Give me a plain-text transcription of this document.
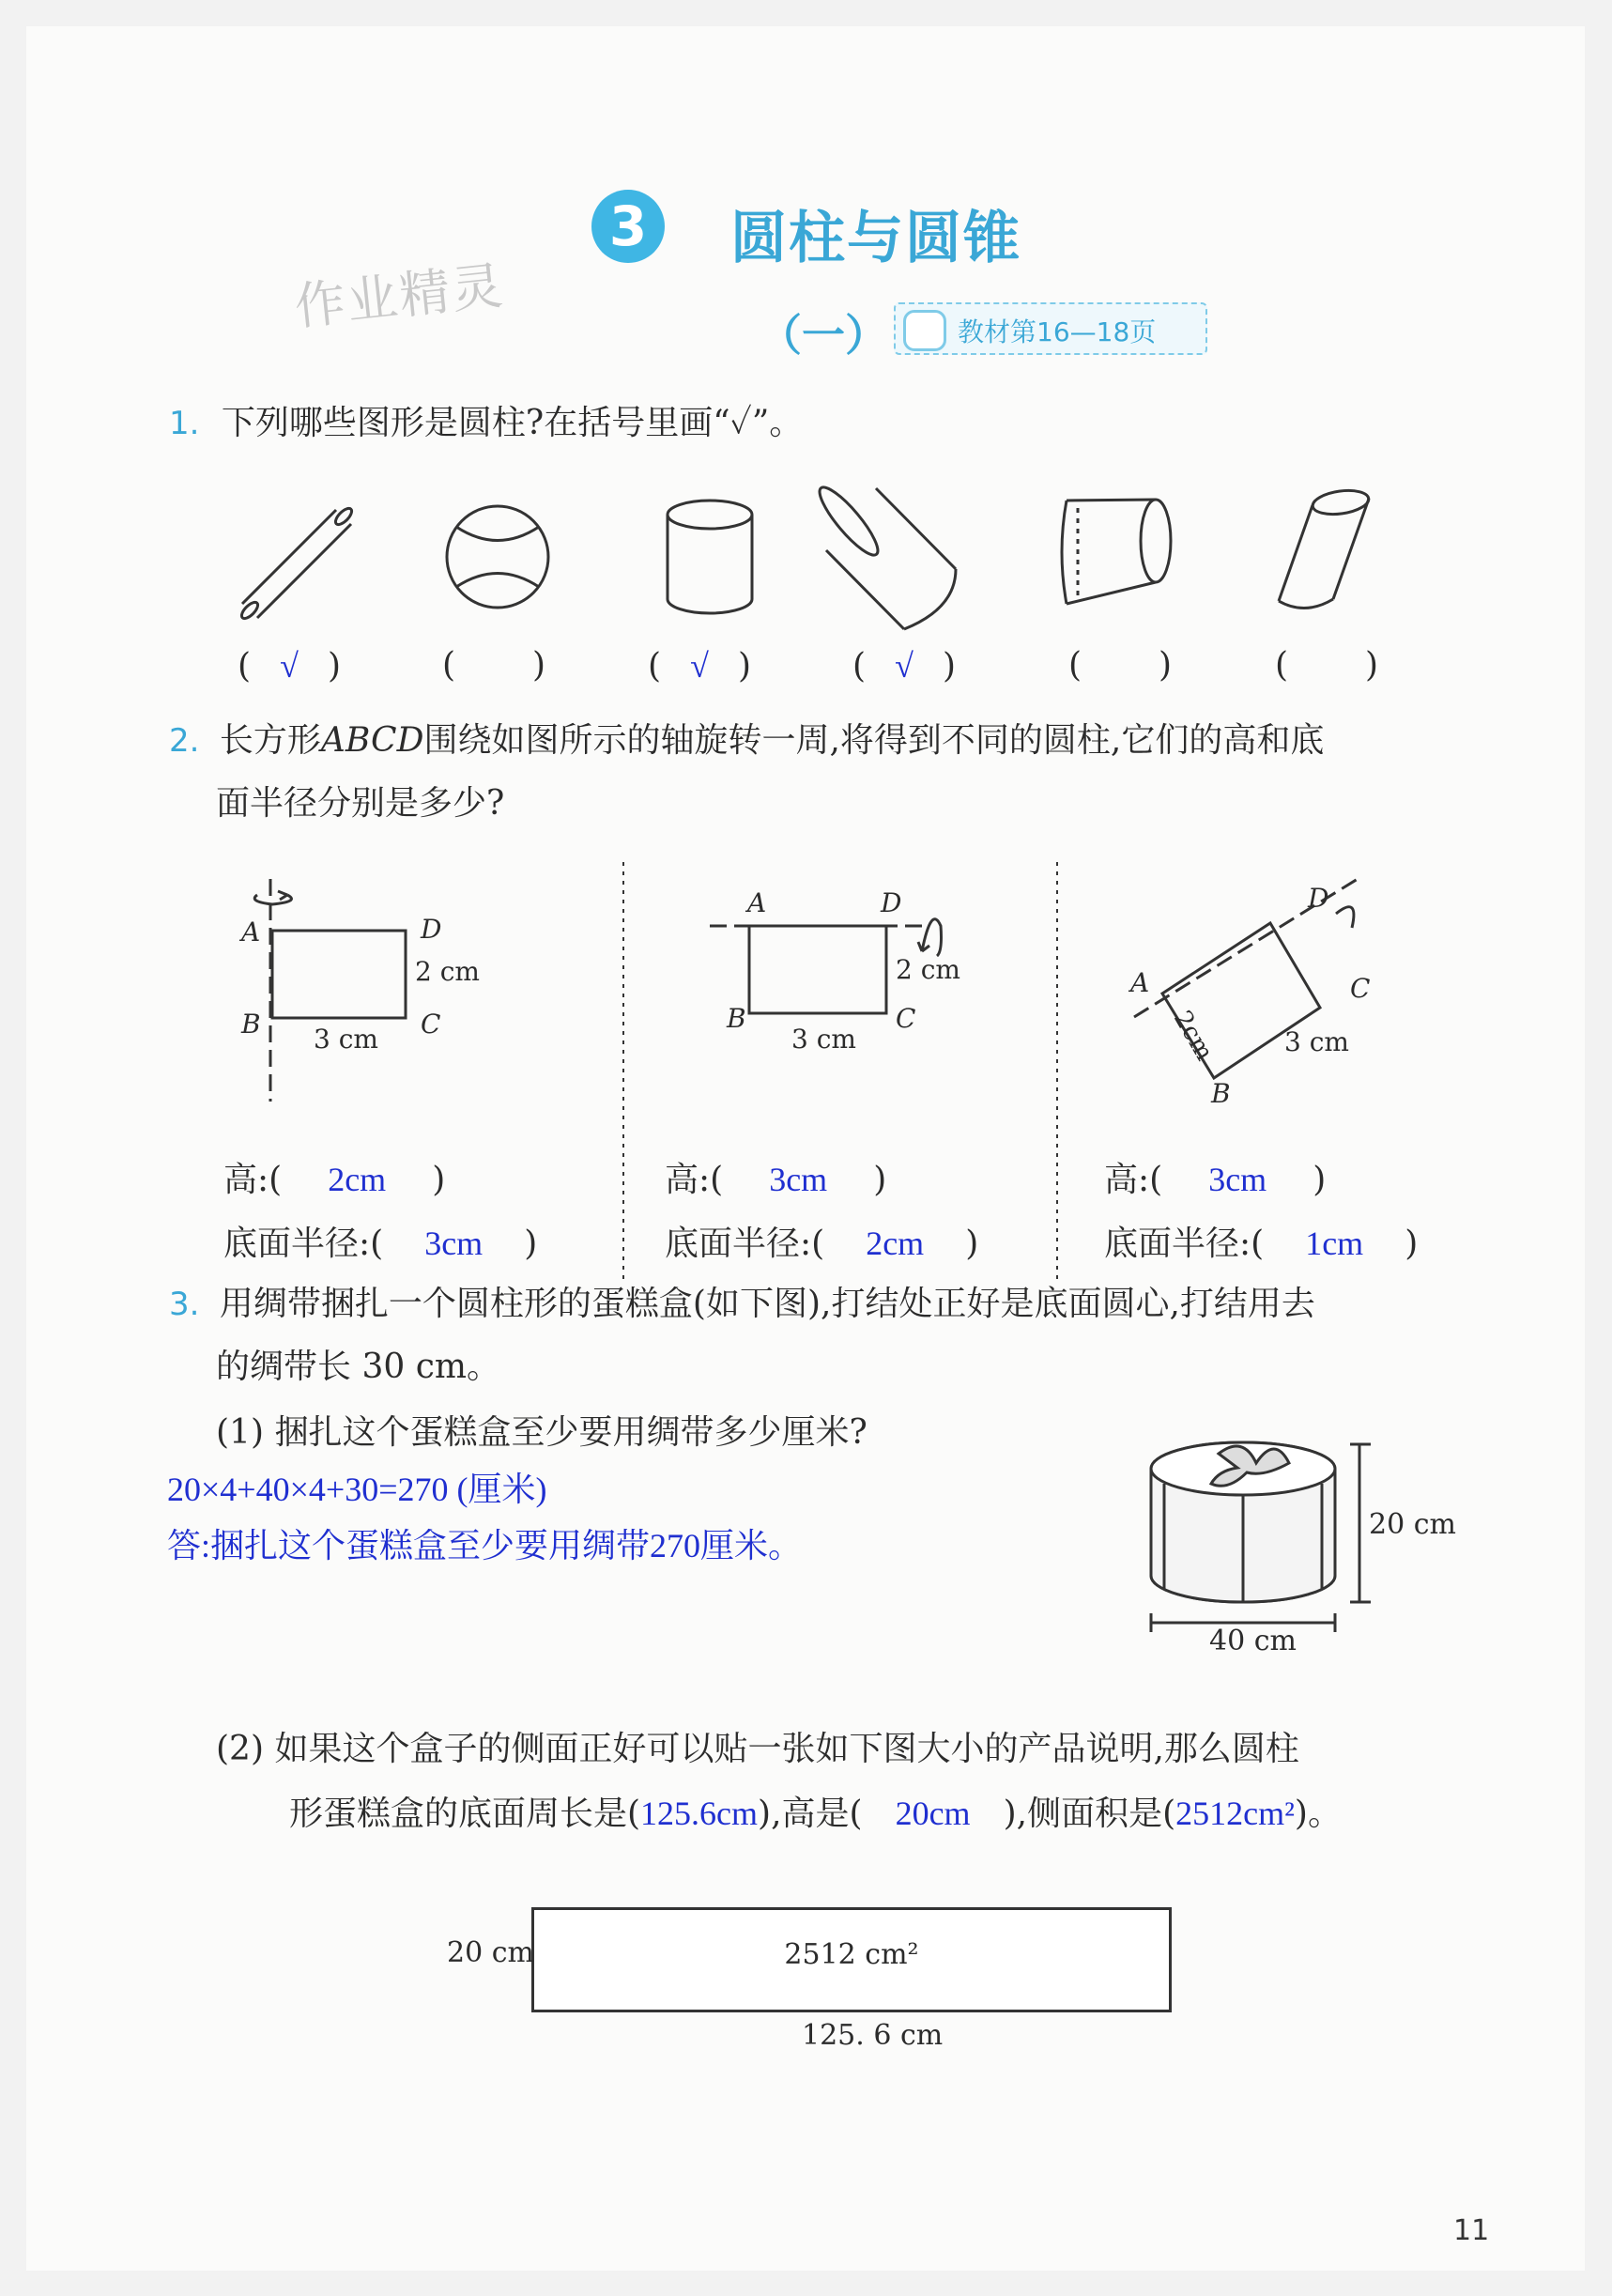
3	圆柱与圆锥
作业精灵	（一）	教材第16—18页
1. 下列哪些图形是圆柱?在括号里画“✓”。
( √ )	( )	( √ )	( √ )	( )	( )
2. 长方形ABCD围绕如图所示的轴旋转一周,将得到不同的圆柱,它们的高和底
面半径分别是多少?
A	D
B	C
2 cm
3 cm
A	D
B	C
2 cm
3 cm
D
A	C
B
2cm	3 cm
高:( 2cm )
底面半径:( 3cm )
高:( 3cm )
底面半径:( 2cm )
高:( 3cm )
底面半径:( 1cm )
3. 用绸带捆扎一个圆柱形的蛋糕盒(如下图),打结处正好是底面圆心,打结用去
的绸带长 30 cm。
(1) 捆扎这个蛋糕盒至少要用绸带多少厘米?
20×4+40×4+30=270 (厘米)
答:捆扎这个蛋糕盒至少要用绸带270厘米。
20 cm
40 cm
(2) 如果这个盒子的侧面正好可以贴一张如下图大小的产品说明,那么圆柱
形蛋糕盒的底面周长是(125.6cm),高是( 20cm ),侧面积是(2512cm²)。
2512 cm²
20 cm
125. 6 cm
11
